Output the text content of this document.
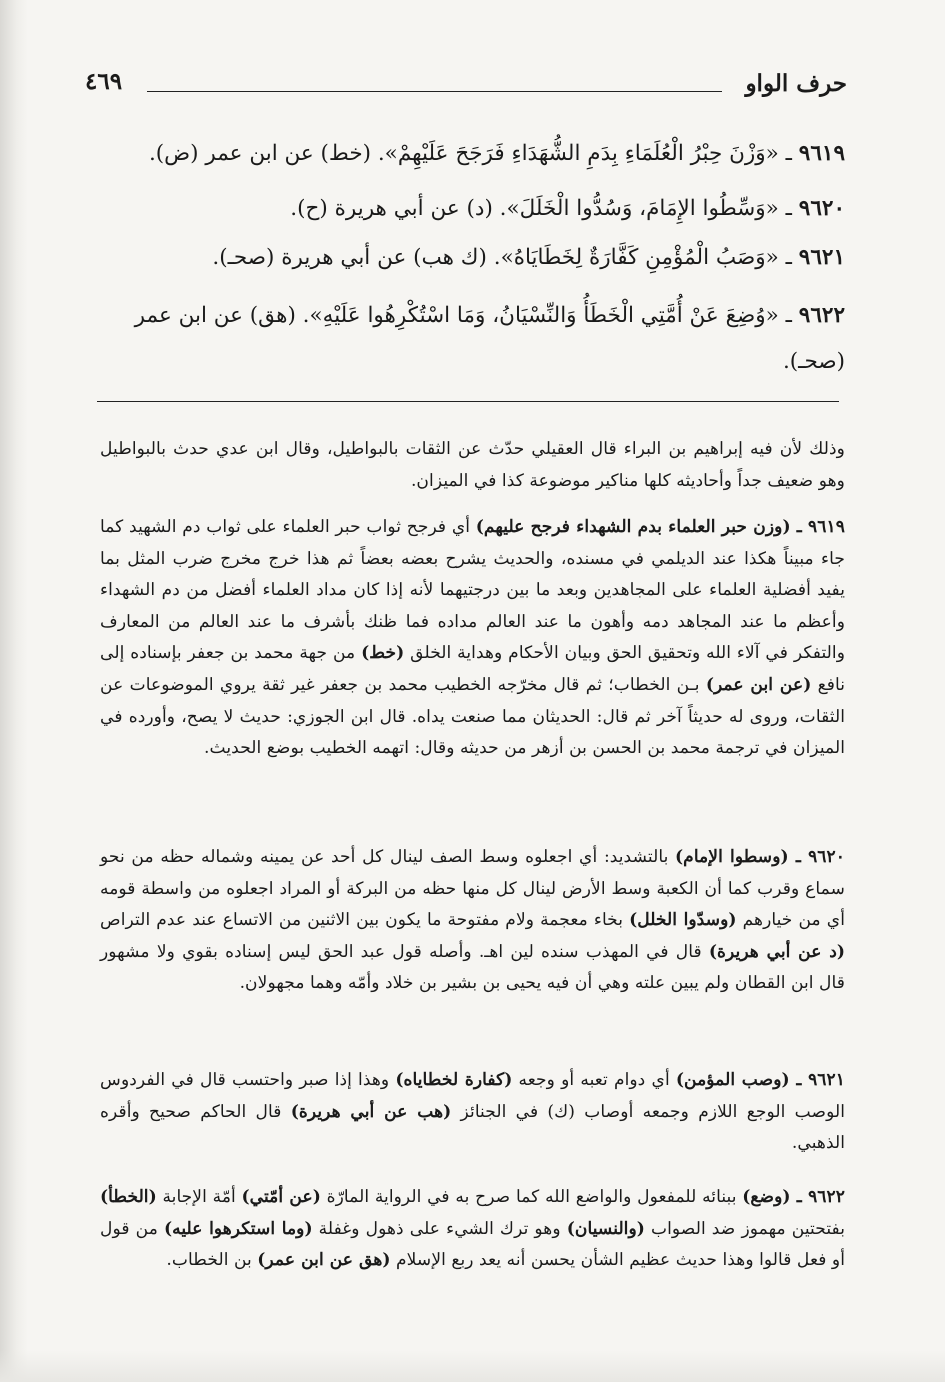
حرف الواو
٤٦٩
٩٦١٩ ـ «وَزْنَ حِبْرُ الْعُلَمَاءِ بِدَمِ الشُّهَدَاءِ فَرَجَحَ عَلَيْهِمْ». (خط) عن ابن عمر (ض).
٩٦٢٠ ـ «وَسِّطُوا الإِمَامَ، وَسُدُّوا الْخَلَلَ». (د) عن أبي هريرة (ح).
٩٦٢١ ـ «وَصَبُ الْمُؤْمِنِ كَفَّارَةٌ لِخَطَايَاهُ». (ك هب) عن أبي هريرة (صحـ).
٩٦٢٢ ـ «وُضِعَ عَنْ أُمَّتِي الْخَطَأُ وَالنِّسْيَانُ، وَمَا اسْتُكْرِهُوا عَلَيْهِ». (هق) عن ابن عمر (صحـ).
وذلك لأن فيه إبراهيم بن البراء قال العقيلي حدّث عن الثقات بالبواطيل، وقال ابن عدي حدث بالبواطيل وهو ضعيف جداً وأحاديثه كلها مناكير موضوعة كذا في الميزان.
٩٦١٩ ـ (وزن حبر العلماء بدم الشهداء فرجح عليهم) أي فرجح ثواب حبر العلماء على ثواب دم الشهيد كما جاء مبيناً هكذا عند الديلمي في مسنده، والحديث يشرح بعضه بعضاً ثم هذا خرج مخرج ضرب المثل بما يفيد أفضلية العلماء على المجاهدين وبعد ما بين درجتيهما لأنه إذا كان مداد العلماء أفضل من دم الشهداء وأعظم ما عند المجاهد دمه وأهون ما عند العالم مداده فما ظنك بأشرف ما عند العالم من المعارف والتفكر في آلاء الله وتحقيق الحق وبيان الأحكام وهداية الخلق (خط) من جهة محمد بن جعفر بإسناده إلى نافع (عن ابن عمر) بـن الخطاب؛ ثم قال مخرّجه الخطيب محمد بن جعفر غير ثقة يروي الموضوعات عن الثقات، وروى له حديثاً آخر ثم قال: الحديثان مما صنعت يداه. قال ابن الجوزي: حديث لا يصح، وأورده في الميزان في ترجمة محمد بن الحسن بن أزهر من حديثه وقال: اتهمه الخطيب بوضع الحديث.
٩٦٢٠ ـ (وسطوا الإمام) بالتشديد: أي اجعلوه وسط الصف لينال كل أحد عن يمينه وشماله حظه من نحو سماع وقرب كما أن الكعبة وسط الأرض لينال كل منها حظه من البركة أو المراد اجعلوه من واسطة قومه أي من خيارهم (وسدّوا الخلل) بخاء معجمة ولام مفتوحة ما يكون بين الاثنين من الاتساع عند عدم التراص (د عن أبي هريرة) قال في المهذب سنده لين اهـ. وأصله قول عبد الحق ليس إسناده بقوي ولا مشهور قال ابن القطان ولم يبين علته وهي أن فيه يحيى بن بشير بن خلاد وأمّه وهما مجهولان.
٩٦٢١ ـ (وصب المؤمن) أي دوام تعبه أو وجعه (كفارة لخطاياه) وهذا إذا صبر واحتسب قال في الفردوس الوصب الوجع اللازم وجمعه أوصاب (ك) في الجنائز (هب عن أبي هريرة) قال الحاكم صحيح وأقره الذهبي.
٩٦٢٢ ـ (وضع) ببنائه للمفعول والواضع الله كما صرح به في الرواية المارّة (عن أمّتي) أمّة الإجابة (الخطأ) بفتحتين مهموز ضد الصواب (والنسيان) وهو ترك الشيء على ذهول وغفلة (وما استكرهوا عليه) من قول أو فعل قالوا وهذا حديث عظيم الشأن يحسن أنه يعد ربع الإسلام (هق عن ابن عمر) بن الخطاب.
